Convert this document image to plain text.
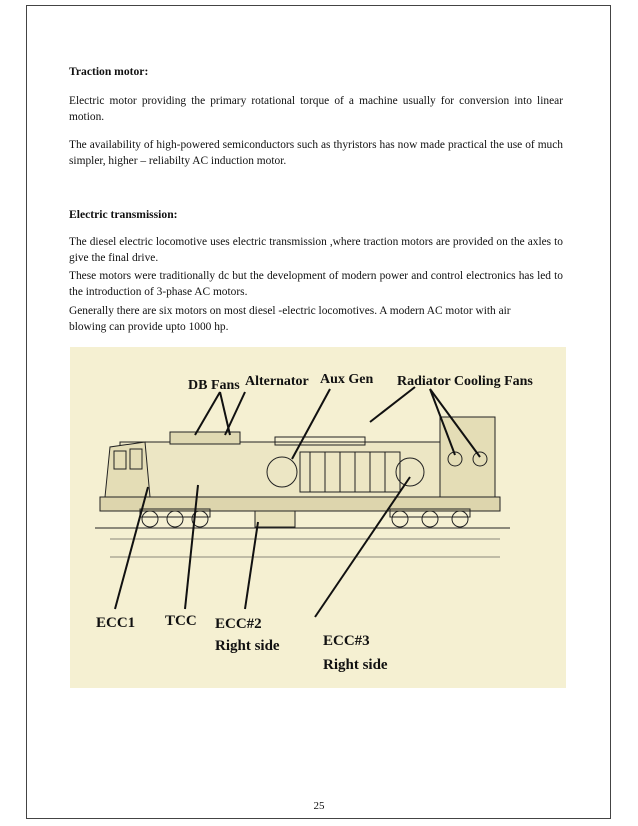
Traction motor:

Electric motor providing the primary rotational torque of a machine usually for conversion into linear motion.

The availability of high-powered semiconductors such as thyristors has now made practical the use of much simpler, higher – reliabilty AC induction motor.

Electric transmission:

The diesel electric locomotive uses electric transmission ,where traction motors are provided on the axles to give the final drive.

These motors were traditionally dc but the development of modern power and control electronics has led to the introduction of 3-phase AC motors.

Generally there are six motors on most diesel -electric locomotives. A modern AC motor with air blowing can provide upto 1000 hp.

DB Fans Alternator Aux Gen Radiator Cooling Fans
ECC1 TCC ECC#2
Right side	ECC#3
Right side
25
